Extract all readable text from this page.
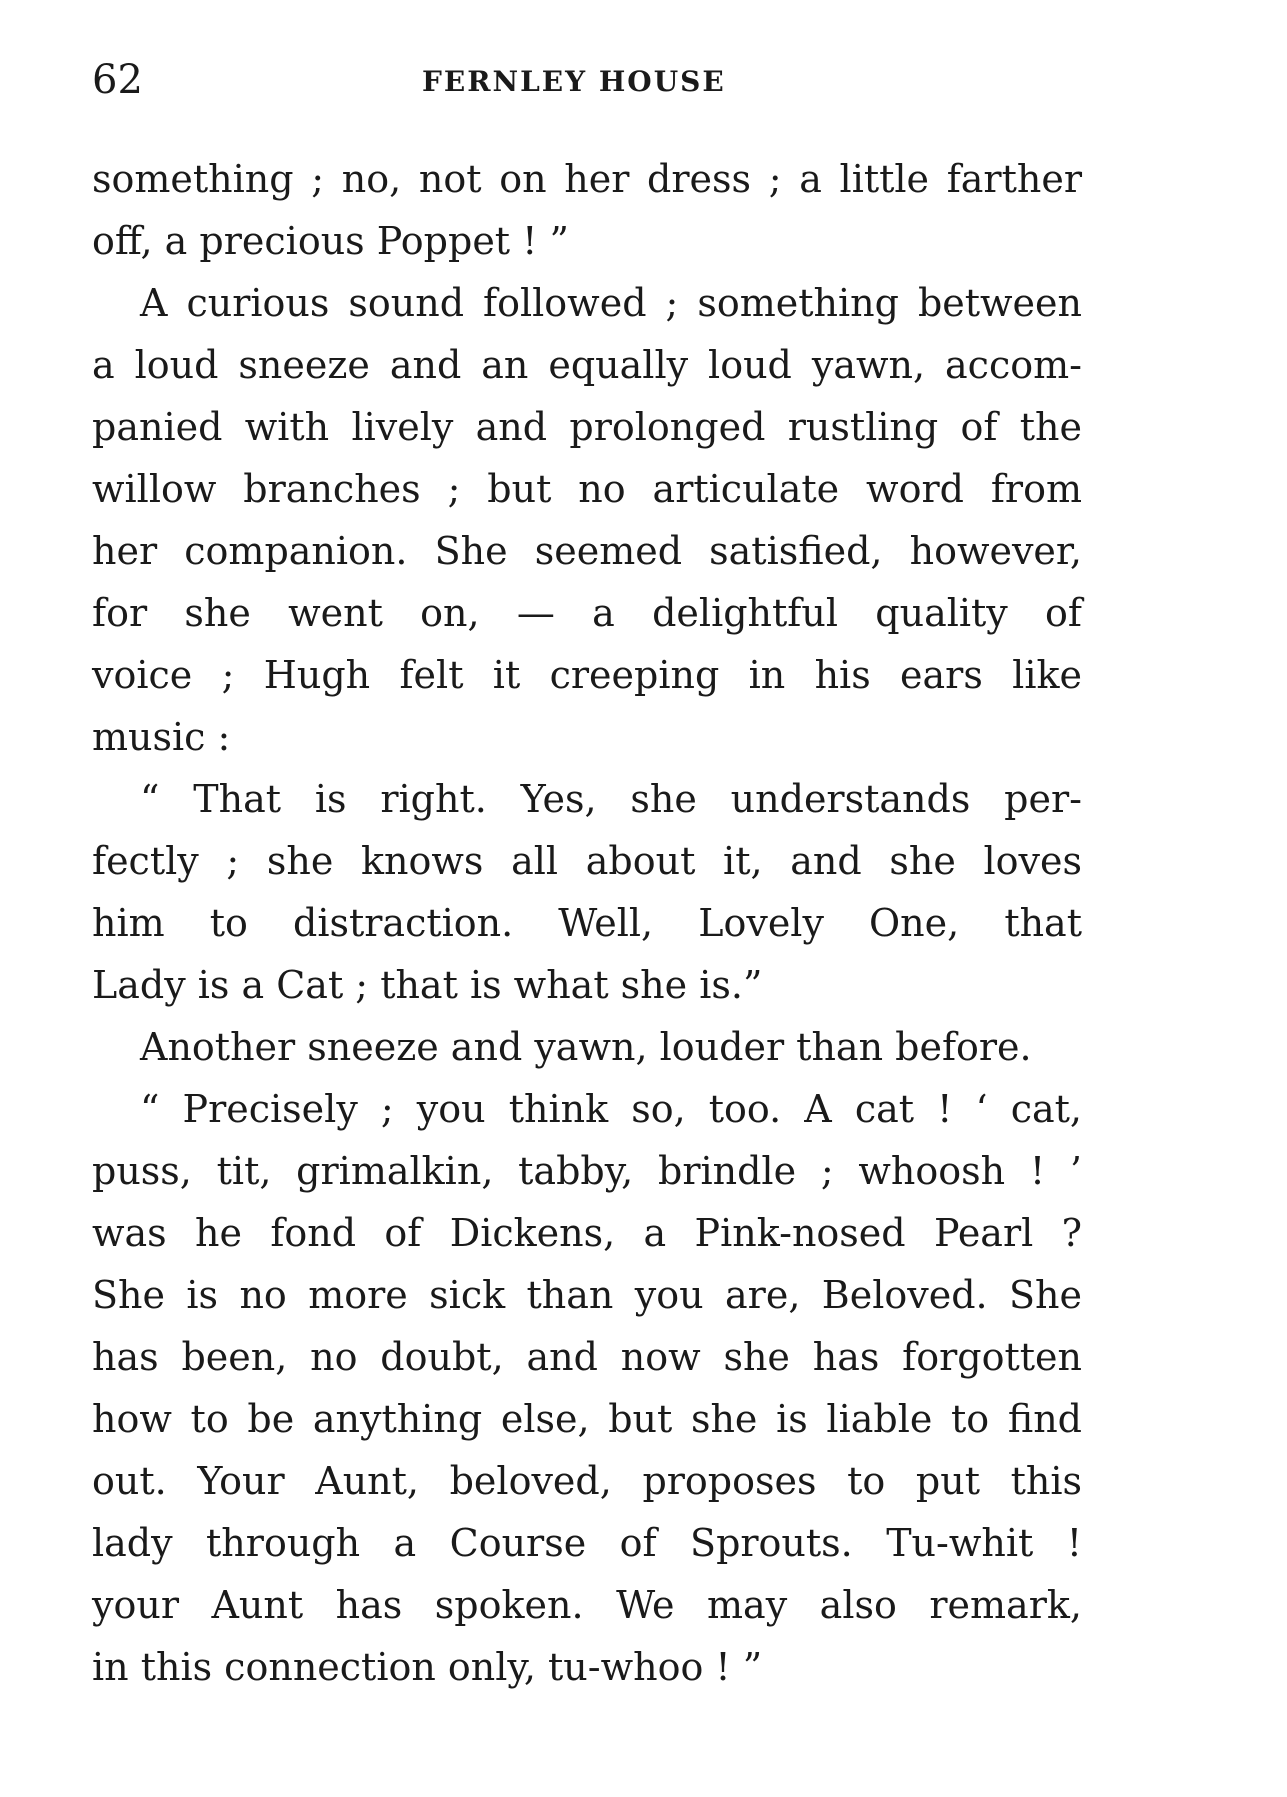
62	FERNLEY HOUSE
something ; no, not on her dress ; a little farther
off, a precious Poppet ! ”
A curious sound followed ; something between
a loud sneeze and an equally loud yawn, accom-
panied with lively and prolonged rustling of the
willow branches ; but no articulate word from
her companion. She seemed satisfied, however,
for she went on, — a delightful quality of
voice ; Hugh felt it creeping in his ears like
music :
“ That is right. Yes, she understands per-
fectly ; she knows all about it, and she loves
him to distraction. Well, Lovely One, that
Lady is a Cat ; that is what she is.”
Another sneeze and yawn, louder than before.
“ Precisely ; you think so, too. A cat ! ‘ cat,
puss, tit, grimalkin, tabby, brindle ; whoosh ! ’
was he fond of Dickens, a Pink-nosed Pearl ?
She is no more sick than you are, Beloved. She
has been, no doubt, and now she has forgotten
how to be anything else, but she is liable to find
out. Your Aunt, beloved, proposes to put this
lady through a Course of Sprouts. Tu-whit !
your Aunt has spoken. We may also remark,
in this connection only, tu-whoo ! ”
